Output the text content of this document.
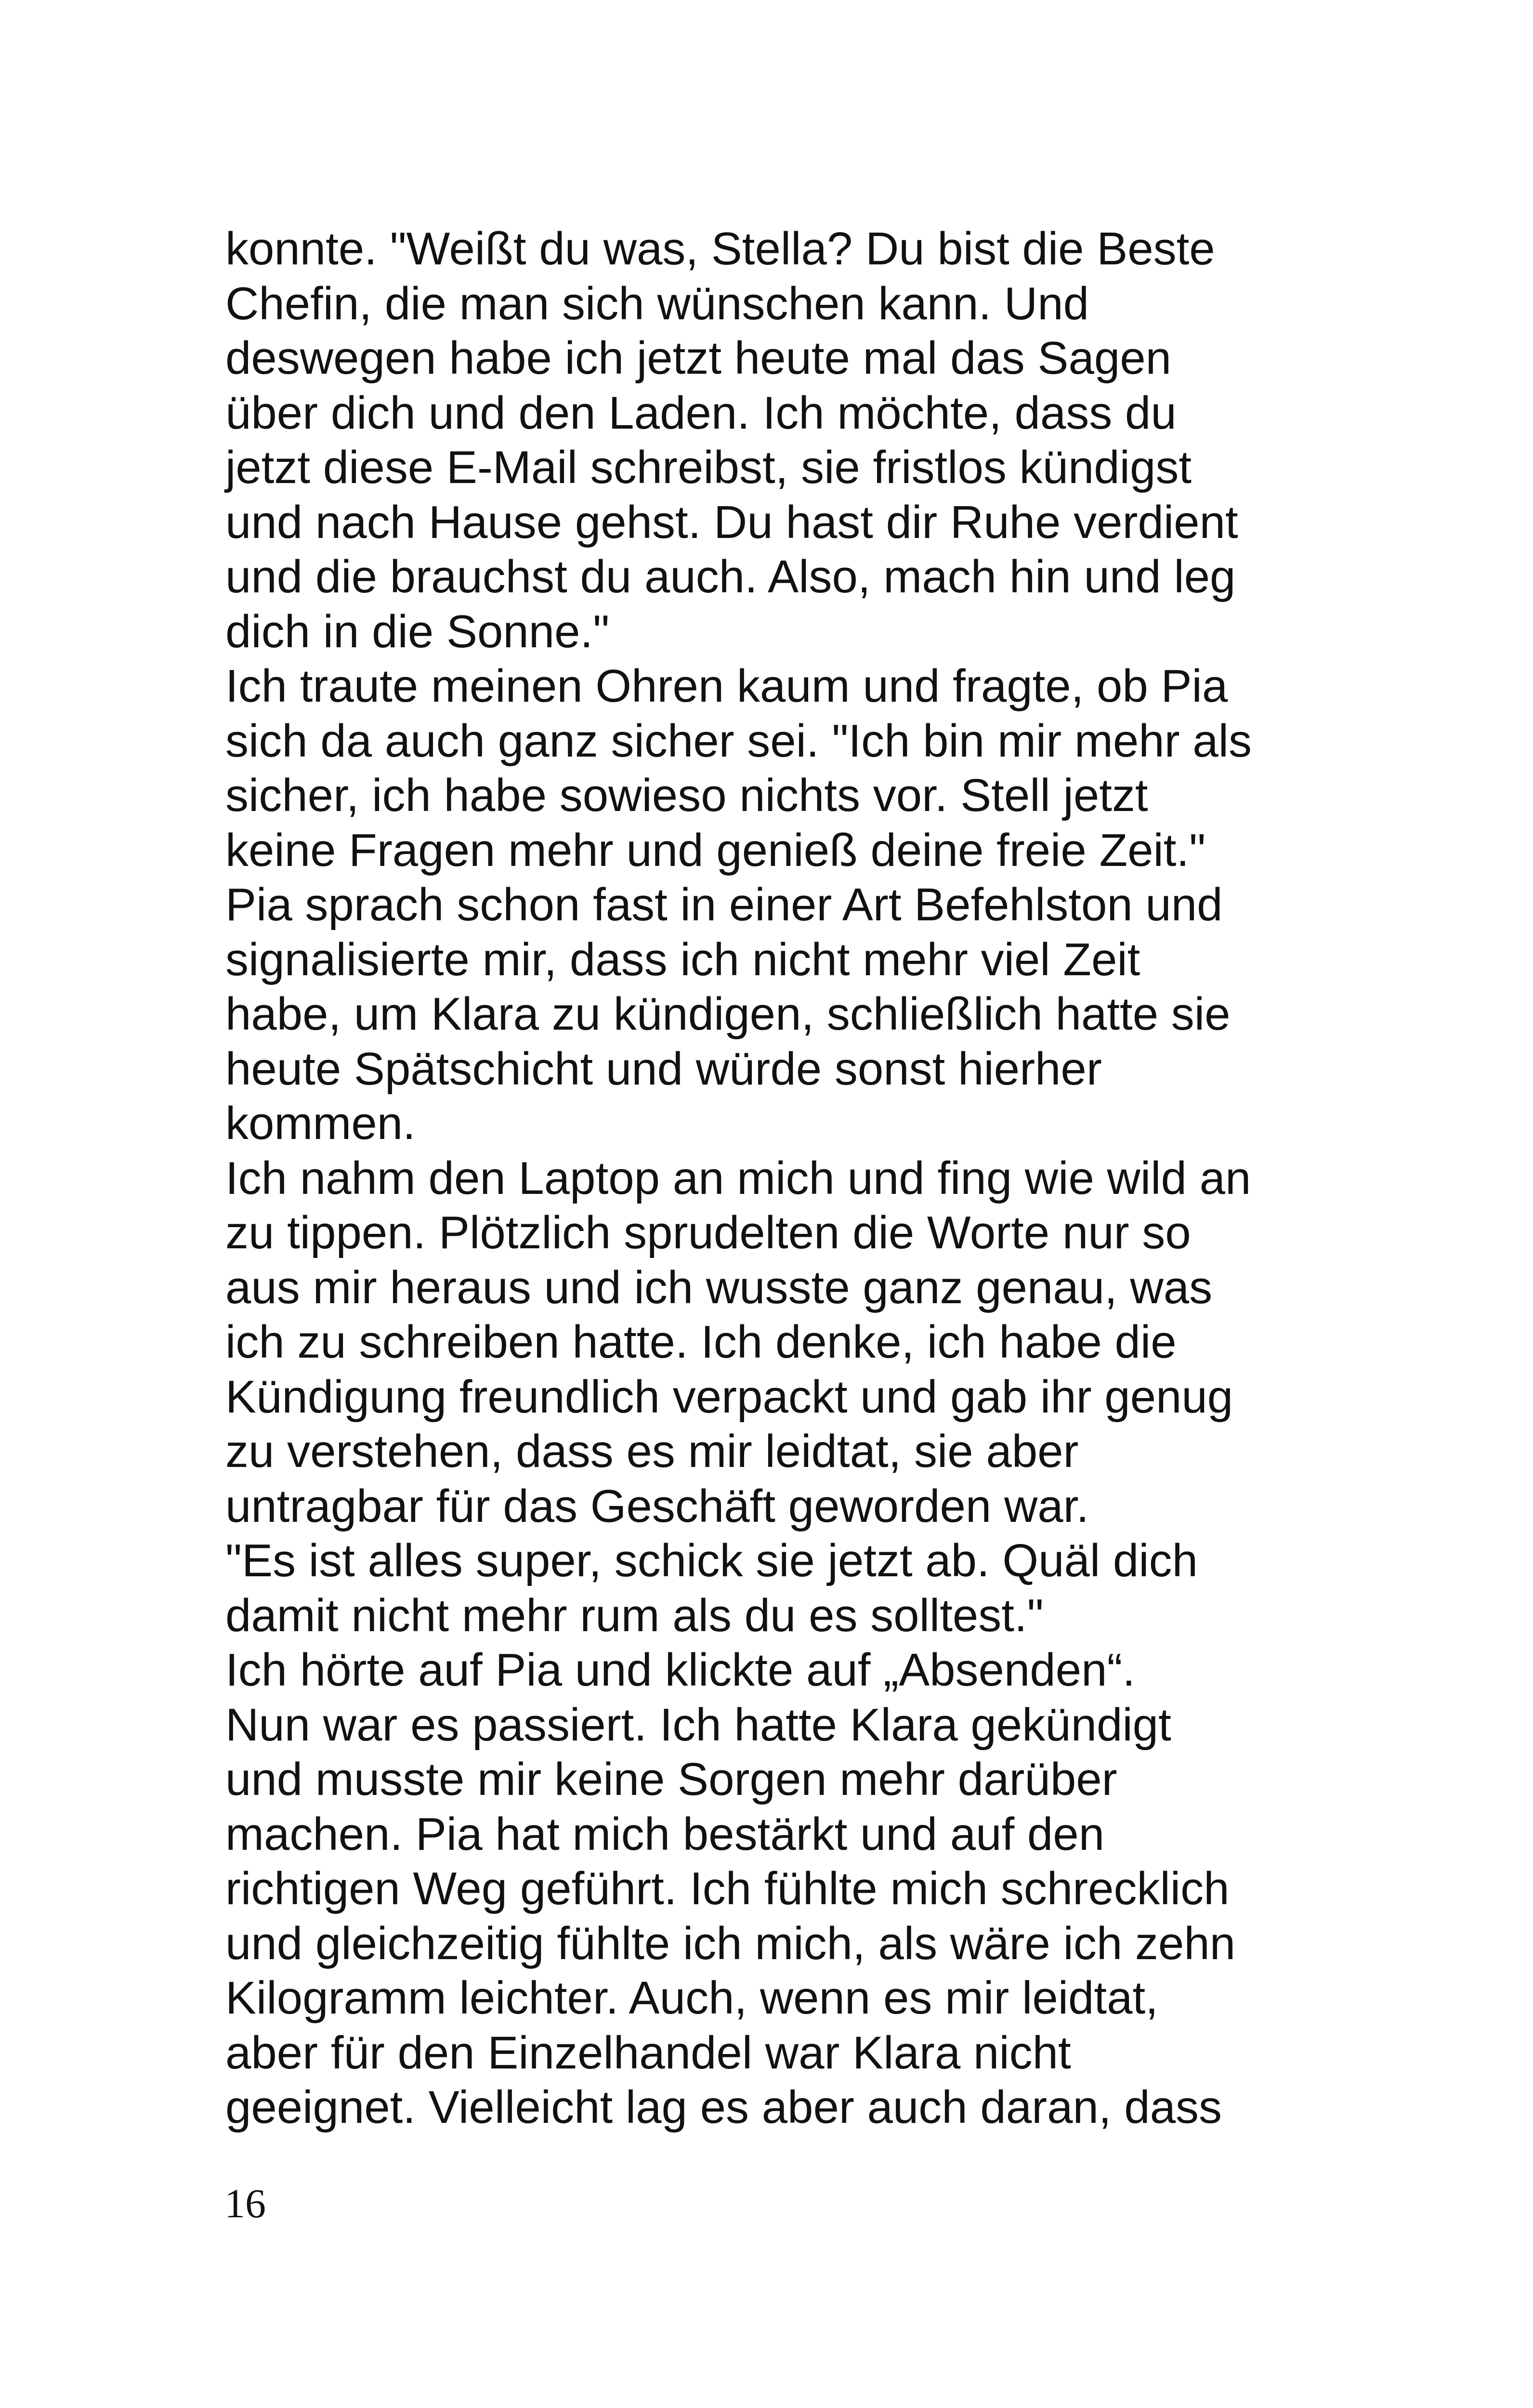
konnte. "Weißt du was, Stella? Du bist die Beste
Chefin, die man sich wünschen kann. Und
deswegen habe ich jetzt heute mal das Sagen
über dich und den Laden. Ich möchte, dass du
jetzt diese E-Mail schreibst, sie fristlos kündigst
und nach Hause gehst. Du hast dir Ruhe verdient
und die brauchst du auch. Also, mach hin und leg
dich in die Sonne."
Ich traute meinen Ohren kaum und fragte, ob Pia
sich da auch ganz sicher sei. "Ich bin mir mehr als
sicher, ich habe sowieso nichts vor. Stell jetzt
keine Fragen mehr und genieß deine freie Zeit."
Pia sprach schon fast in einer Art Befehlston und
signalisierte mir, dass ich nicht mehr viel Zeit
habe, um Klara zu kündigen, schließlich hatte sie
heute Spätschicht und würde sonst hierher
kommen.
Ich nahm den Laptop an mich und fing wie wild an
zu tippen. Plötzlich sprudelten die Worte nur so
aus mir heraus und ich wusste ganz genau, was
ich zu schreiben hatte. Ich denke, ich habe die
Kündigung freundlich verpackt und gab ihr genug
zu verstehen, dass es mir leidtat, sie aber
untragbar für das Geschäft geworden war.
"Es ist alles super, schick sie jetzt ab. Quäl dich
damit nicht mehr rum als du es solltest."
Ich hörte auf Pia und klickte auf „Absenden“.
Nun war es passiert. Ich hatte Klara gekündigt
und musste mir keine Sorgen mehr darüber
machen. Pia hat mich bestärkt und auf den
richtigen Weg geführt. Ich fühlte mich schrecklich
und gleichzeitig fühlte ich mich, als wäre ich zehn
Kilogramm leichter. Auch, wenn es mir leidtat,
aber für den Einzelhandel war Klara nicht
geeignet. Vielleicht lag es aber auch daran, dass
16
